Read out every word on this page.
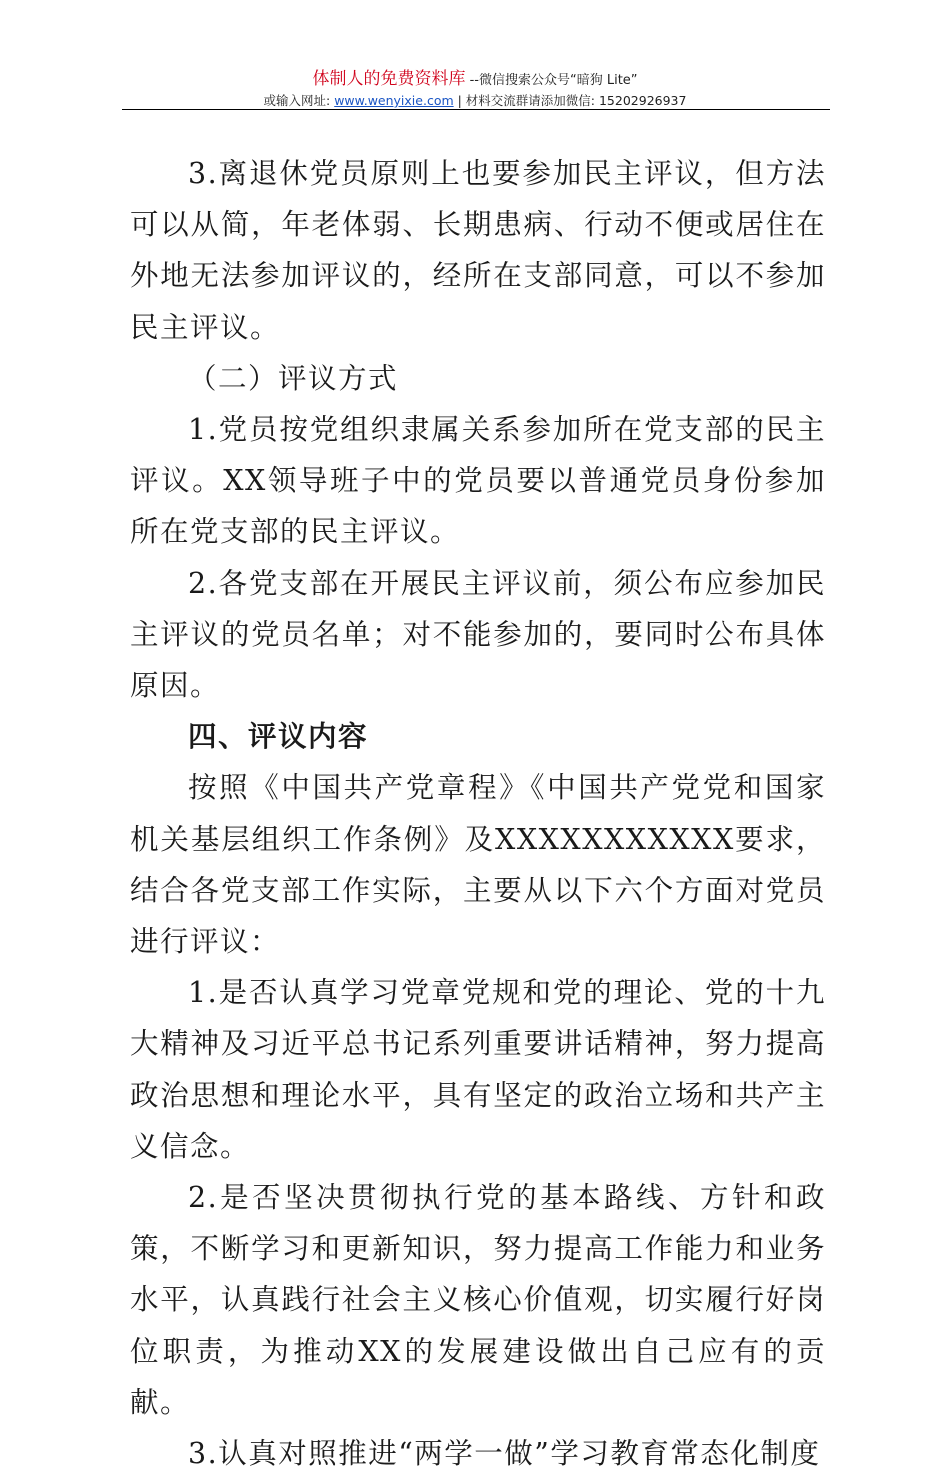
体制人的免费资料库 --微信搜索公众号“暗狗 Lite”
或输入网址: www.wenyixie.com | 材料交流群请添加微信: 15202926937

3.离退休党员原则上也要参加民主评议，但方法可以从简，年老体弱、长期患病、行动不便或居住在外地无法参加评议的，经所在支部同意，可以不参加民主评议。

（二）评议方式

1.党员按党组织隶属关系参加所在党支部的民主评议。XX领导班子中的党员要以普通党员身份参加所在党支部的民主评议。

2.各党支部在开展民主评议前，须公布应参加民主评议的党员名单；对不能参加的，要同时公布具体原因。

四、评议内容

按照《中国共产党章程》《中国共产党党和国家机关基层组织工作条例》及XXXXXXXXXXX要求，结合各党支部工作实际，主要从以下六个方面对党员进行评议：

1.是否认真学习党章党规和党的理论、党的十九大精神及习近平总书记系列重要讲话精神，努力提高政治思想和理论水平，具有坚定的政治立场和共产主义信念。

2.是否坚决贯彻执行党的基本路线、方针和政策，不断学习和更新知识，努力提高工作能力和业务水平，认真践行社会主义核心价值观，切实履行好岗位职责，为推动XX的发展建设做出自己应有的贡献。

3.认真对照推进“两学一做”学习教育常态化制度
